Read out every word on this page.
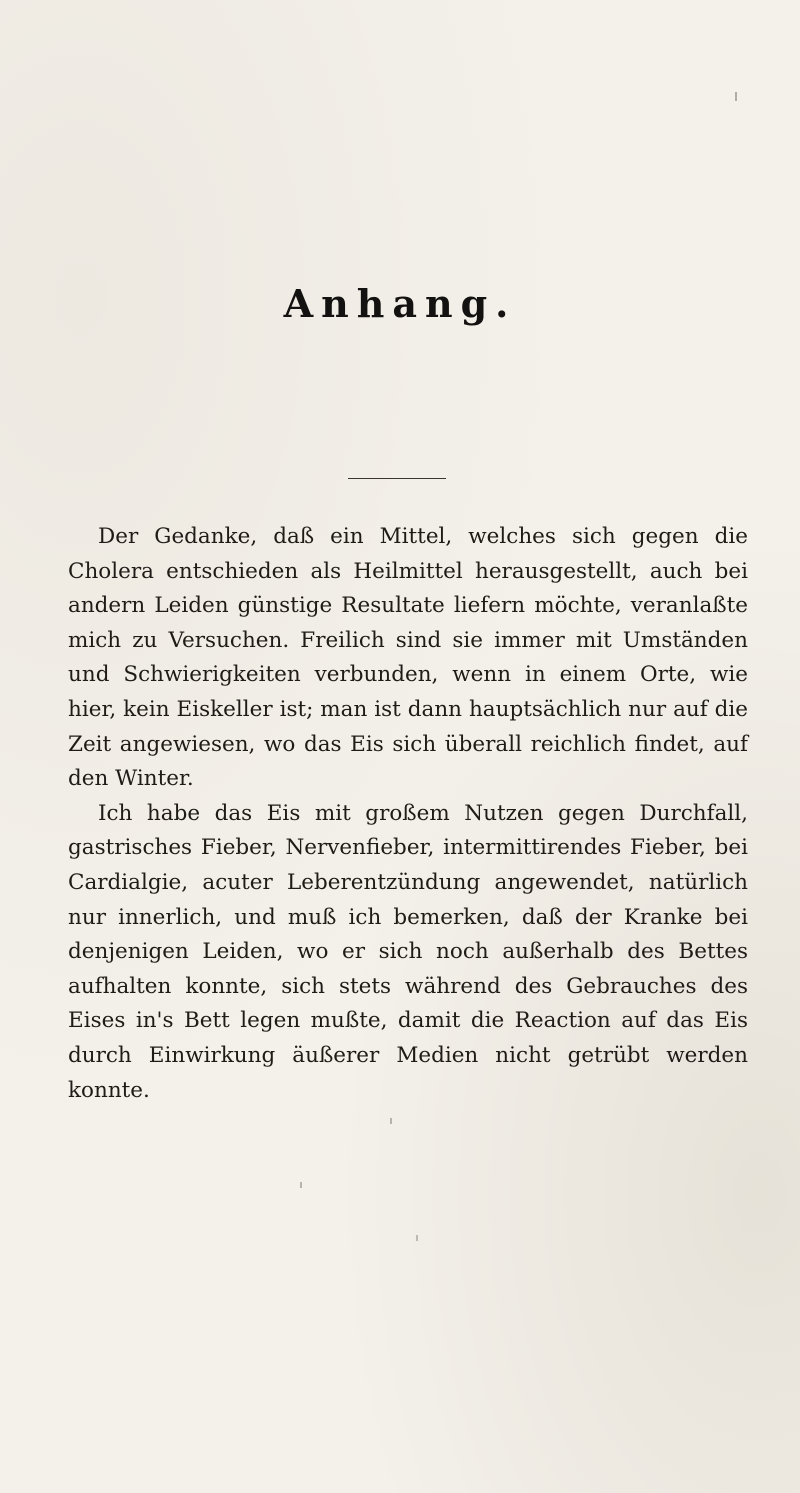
Anhang.

Der Gedanke, daß ein Mittel, welches sich gegen die Cholera entschieden als Heilmittel herausgestellt, auch bei andern Leiden günstige Resultate liefern möchte, veranlaßte mich zu Versuchen. Freilich sind sie immer mit Umständen und Schwierigkeiten verbunden, wenn in einem Orte, wie hier, kein Eiskeller ist; man ist dann hauptsächlich nur auf die Zeit angewiesen, wo das Eis sich überall reichlich findet, auf den Winter.

Ich habe das Eis mit großem Nutzen gegen Durchfall, gastrisches Fieber, Nervenfieber, intermittirendes Fieber, bei Cardialgie, acuter Leberentzündung angewendet, natürlich nur innerlich, und muß ich bemerken, daß der Kranke bei denjenigen Leiden, wo er sich noch außerhalb des Bettes aufhalten konnte, sich stets während des Gebrauches des Eises in's Bett legen mußte, damit die Reaction auf das Eis durch Einwirkung äußerer Medien nicht getrübt werden konnte.
